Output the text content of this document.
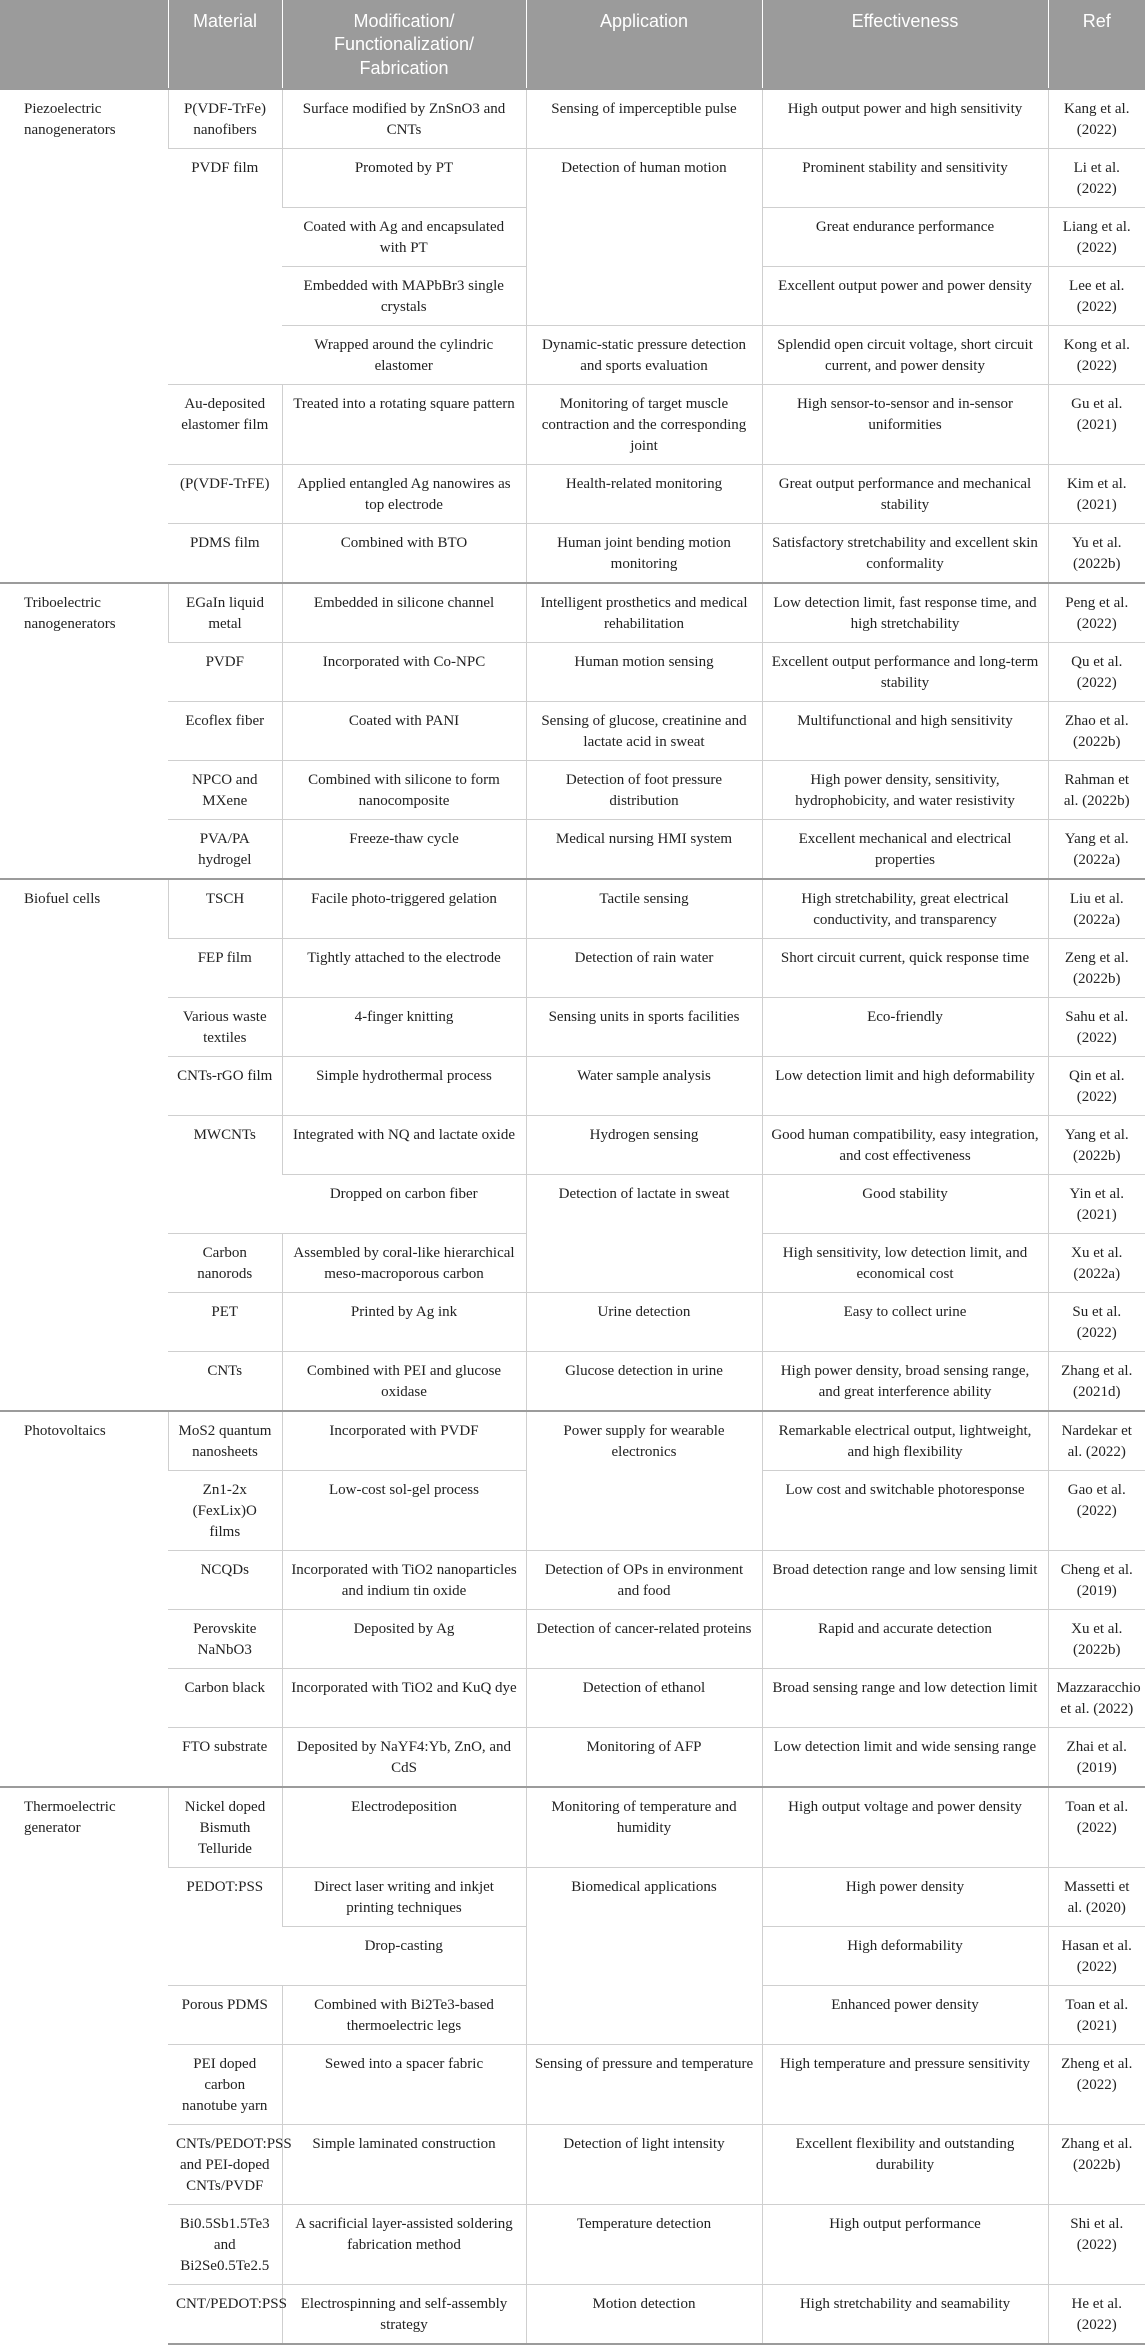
	Material	Modification/ Functionalization/ Fabrication	Application	Effectiveness	Ref
Piezoelectric nanogenerators	P(VDF-TrFe) nanofibers	Surface modified by ZnSnO3 and CNTs	Sensing of imperceptible pulse	High output power and high sensitivity	Kang et al. (2022)
	PVDF film	Promoted by PT	Detection of human motion	Prominent stability and sensitivity	Li et al. (2022)
		Coated with Ag and encapsulated with PT		Great endurance performance	Liang et al. (2022)
		Embedded with MAPbBr3 single crystals		Excellent output power and power density	Lee et al. (2022)
		Wrapped around the cylindric elastomer	Dynamic-static pressure detection and sports evaluation	Splendid open circuit voltage, short circuit current, and power density	Kong et al. (2022)
	Au-deposited elastomer film	Treated into a rotating square pattern	Monitoring of target muscle contraction and the corresponding joint	High sensor-to-sensor and in-sensor uniformities	Gu et al. (2021)
	(P(VDF-TrFE)	Applied entangled Ag nanowires as top electrode	Health-related monitoring	Great output performance and mechanical stability	Kim et al. (2021)
	PDMS film	Combined with BTO	Human joint bending motion monitoring	Satisfactory stretchability and excellent skin conformality	Yu et al. (2022b)
Triboelectric nanogenerators	EGaIn liquid metal	Embedded in silicone channel	Intelligent prosthetics and medical rehabilitation	Low detection limit, fast response time, and high stretchability	Peng et al. (2022)
	PVDF	Incorporated with Co-NPC	Human motion sensing	Excellent output performance and long-term stability	Qu et al. (2022)
	Ecoflex fiber	Coated with PANI	Sensing of glucose, creatinine and lactate acid in sweat	Multifunctional and high sensitivity	Zhao et al. (2022b)
	NPCO and MXene	Combined with silicone to form nanocomposite	Detection of foot pressure distribution	High power density, sensitivity, hydrophobicity, and water resistivity	Rahman et al. (2022b)
	PVA/PA hydrogel	Freeze-thaw cycle	Medical nursing HMI system	Excellent mechanical and electrical properties	Yang et al. (2022a)
Biofuel cells	TSCH	Facile photo-triggered gelation	Tactile sensing	High stretchability, great electrical conductivity, and transparency	Liu et al. (2022a)
	FEP film	Tightly attached to the electrode	Detection of rain water	Short circuit current, quick response time	Zeng et al. (2022b)
	Various waste textiles	4-finger knitting	Sensing units in sports facilities	Eco-friendly	Sahu et al. (2022)
	CNTs-rGO film	Simple hydrothermal process	Water sample analysis	Low detection limit and high deformability	Qin et al. (2022)
	MWCNTs	Integrated with NQ and lactate oxide	Hydrogen sensing	Good human compatibility, easy integration, and cost effectiveness	Yang et al. (2022b)
		Dropped on carbon fiber	Detection of lactate in sweat	Good stability	Yin et al. (2021)
	Carbon nanorods	Assembled by coral-like hierarchical meso-macroporous carbon		High sensitivity, low detection limit, and economical cost	Xu et al. (2022a)
	PET	Printed by Ag ink	Urine detection	Easy to collect urine	Su et al. (2022)
	CNTs	Combined with PEI and glucose oxidase	Glucose detection in urine	High power density, broad sensing range, and great interference ability	Zhang et al. (2021d)
Photovoltaics	MoS2 quantum nanosheets	Incorporated with PVDF	Power supply for wearable electronics	Remarkable electrical output, lightweight, and high flexibility	Nardekar et al. (2022)
	Zn1-2x (FexLix)O films	Low-cost sol-gel process		Low cost and switchable photoresponse	Gao et al. (2022)
	NCQDs	Incorporated with TiO2 nanoparticles and indium tin oxide	Detection of OPs in environment and food	Broad detection range and low sensing limit	Cheng et al. (2019)
	Perovskite NaNbO3	Deposited by Ag	Detection of cancer-related proteins	Rapid and accurate detection	Xu et al. (2022b)
	Carbon black	Incorporated with TiO2 and KuQ dye	Detection of ethanol	Broad sensing range and low detection limit	Mazzaracchio et al. (2022)
	FTO substrate	Deposited by NaYF4:Yb, ZnO, and CdS	Monitoring of AFP	Low detection limit and wide sensing range	Zhai et al. (2019)
Thermoelectric generator	Nickel doped Bismuth Telluride	Electrodeposition	Monitoring of temperature and humidity	High output voltage and power density	Toan et al. (2022)
	PEDOT:PSS	Direct laser writing and inkjet printing techniques	Biomedical applications	High power density	Massetti et al. (2020)
		Drop-casting		High deformability	Hasan et al. (2022)
	Porous PDMS	Combined with Bi2Te3-based thermoelectric legs		Enhanced power density	Toan et al. (2021)
	PEI doped carbon nanotube yarn	Sewed into a spacer fabric	Sensing of pressure and temperature	High temperature and pressure sensitivity	Zheng et al. (2022)
	CNTs/PEDOT:PSS and PEI-doped CNTs/PVDF	Simple laminated construction	Detection of light intensity	Excellent flexibility and outstanding durability	Zhang et al. (2022b)
	Bi0.5Sb1.5Te3 and Bi2Se0.5Te2.5	A sacrificial layer-assisted soldering fabrication method	Temperature detection	High output performance	Shi et al. (2022)
	CNT/PEDOT:PSS	Electrospinning and self-assembly strategy	Motion detection	High stretchability and seamability	He et al. (2022)
